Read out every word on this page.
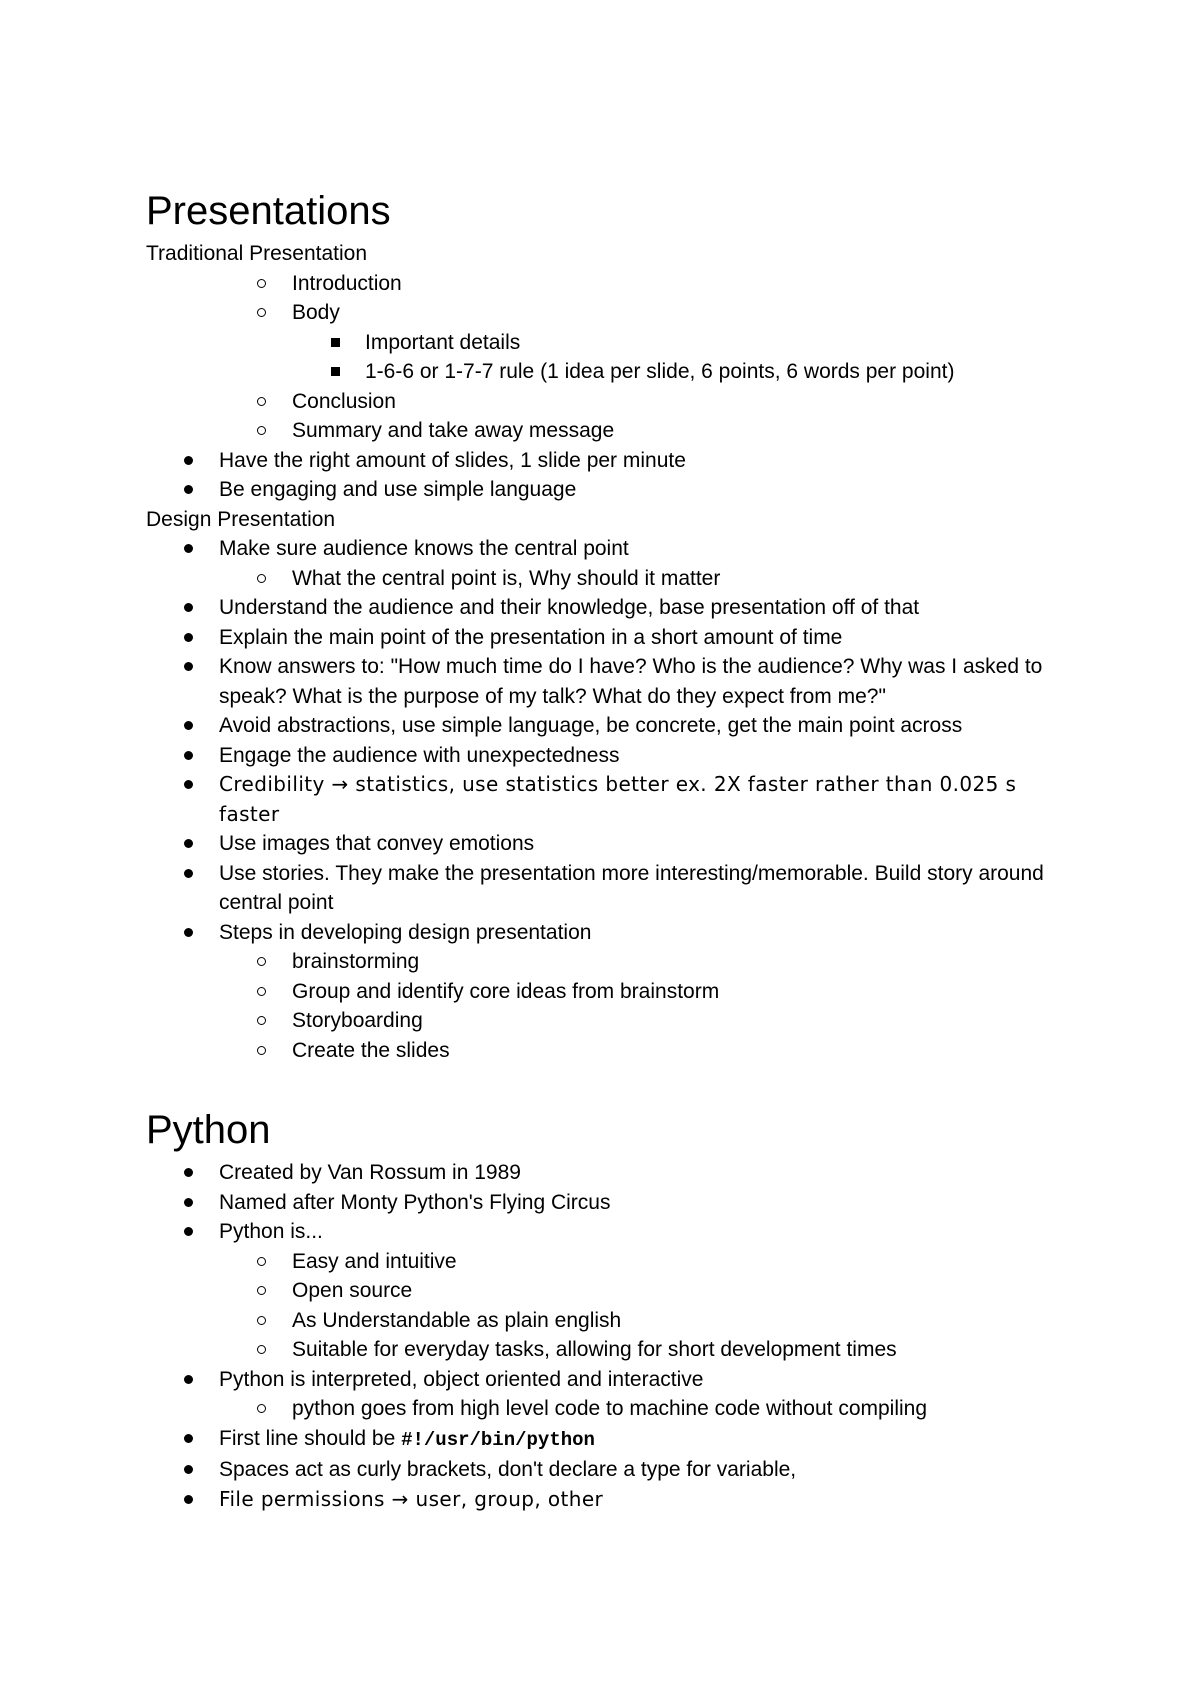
Presentations

Traditional Presentation

Introduction
Body
Important details
1-6-6 or 1-7-7 rule (1 idea per slide, 6 points, 6 words per point)
Conclusion
Summary and take away message
Have the right amount of slides, 1 slide per minute
Be engaging and use simple language

Design Presentation

Make sure audience knows the central point
What the central point is, Why should it matter
Understand the audience and their knowledge, base presentation off of that
Explain the main point of the presentation in a short amount of time
Know answers to: "How much time do I have? Who is the audience? Why was I asked to speak? What is the purpose of my talk? What do they expect from me?"
Avoid abstractions, use simple language, be concrete, get the main point across
Engage the audience with unexpectedness
Credibility → statistics, use statistics better ex. 2X faster rather than 0.025 s faster
Use images that convey emotions
Use stories. They make the presentation more interesting/memorable. Build story around central point
Steps in developing design presentation
brainstorming
Group and identify core ideas from brainstorm
Storyboarding
Create the slides
Python
Created by Van Rossum in 1989
Named after Monty Python's Flying Circus
Python is...
Easy and intuitive
Open source
As Understandable as plain english
Suitable for everyday tasks, allowing for short development times
Python is interpreted, object oriented and interactive
python goes from high level code to machine code without compiling
First line should be #!/usr/bin/python
Spaces act as curly brackets, don't declare a type for variable,
File permissions → user, group, other
